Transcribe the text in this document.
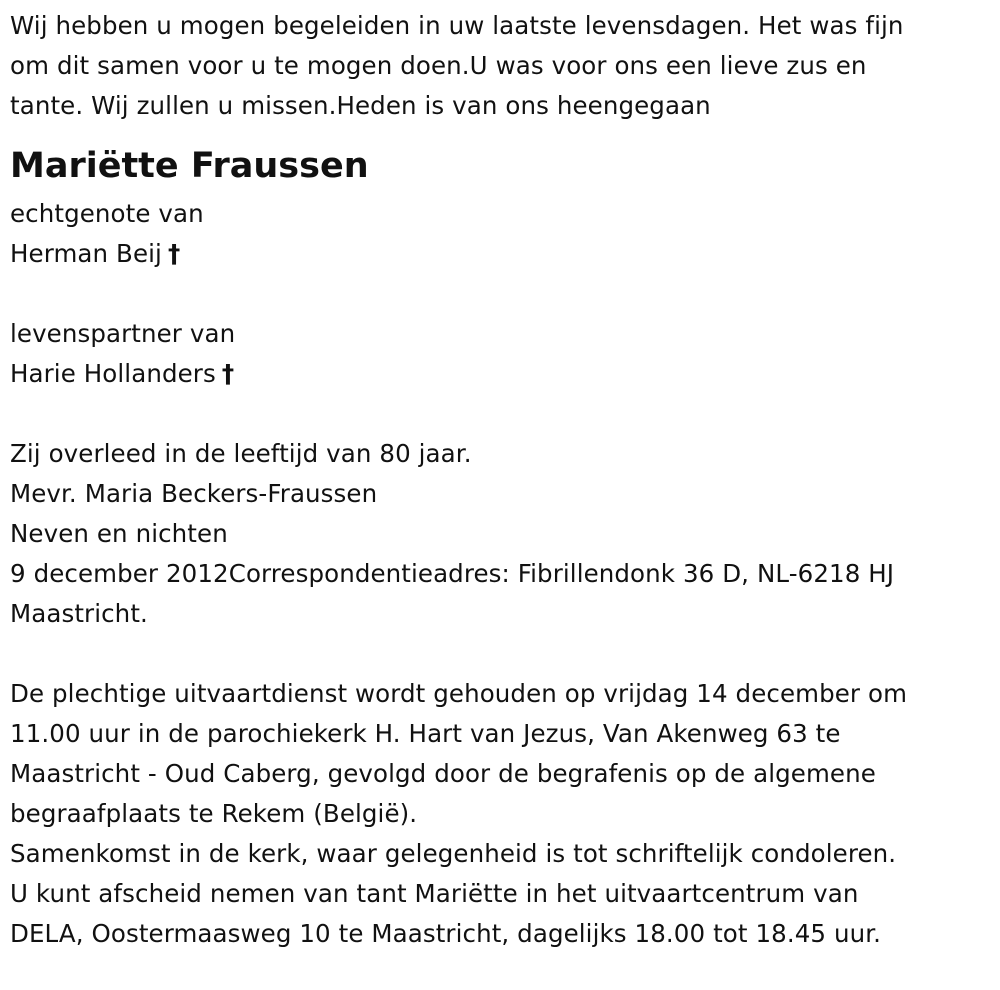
Wij hebben u mogen begeleiden in uw laatste levensdagen. Het was fijn
om dit samen voor u te mogen doen.U was voor ons een lieve zus en
tante. Wij zullen u missen.Heden is van ons heengegaan
Mariëtte Fraussen
echtgenote van
Herman Beij †
levenspartner van
Harie Hollanders †
Zij overleed in de leeftijd van 80 jaar.
Mevr. Maria Beckers-Fraussen
Neven en nichten
9 december 2012Correspondentieadres: Fibrillendonk 36 D, NL-6218 HJ
Maastricht.
De plechtige uitvaartdienst wordt gehouden op vrijdag 14 december om
11.00 uur in de parochiekerk H. Hart van Jezus, Van Akenweg 63 te
Maastricht - Oud Caberg, gevolgd door de begrafenis op de algemene
begraafplaats te Rekem (België).
Samenkomst in de kerk, waar gelegenheid is tot schriftelijk condoleren.
U kunt afscheid nemen van tant Mariëtte in het uitvaartcentrum van
DELA, Oostermaasweg 10 te Maastricht, dagelijks 18.00 tot 18.45 uur.
